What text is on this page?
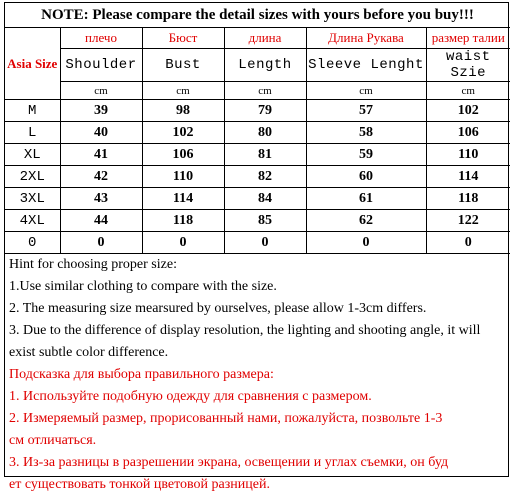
NOTE: Please compare the detail sizes with yours before you buy!!!					
Asia Size	плечо	Бюст	длина	Длина Рукава	размер талии
	Shoulder	Bust	Length	Sleeve Lenght	waist Szie
	cm	cm	cm	cm	cm
M	39	98	79	57	102
L	40	102	80	58	106
XL	41	106	81	59	110
2XL	42	110	82	60	114
3XL	43	114	84	61	118
4XL	44	118	85	62	122
0	0	0	0	0	0
Hint for choosing proper size:
1.Use similar clothing to compare with the size.
2. The measuring size mearsured by ourselves, please allow 1-3cm differs.
3. Due to the difference of display resolution, the lighting and shooting angle, it will
exist subtle color difference.
Подсказка для выбора правильного размера:
1. Используйте подобную одежду для сравнения с размером.
2. Измеряемый размер, прорисованный нами, пожалуйста, позвольте 1-3
см отличаться.
3. Из-за разницы в разрешении экрана, освещении и углах съемки, он буд
ет существовать тонкой цветовой разницей.
